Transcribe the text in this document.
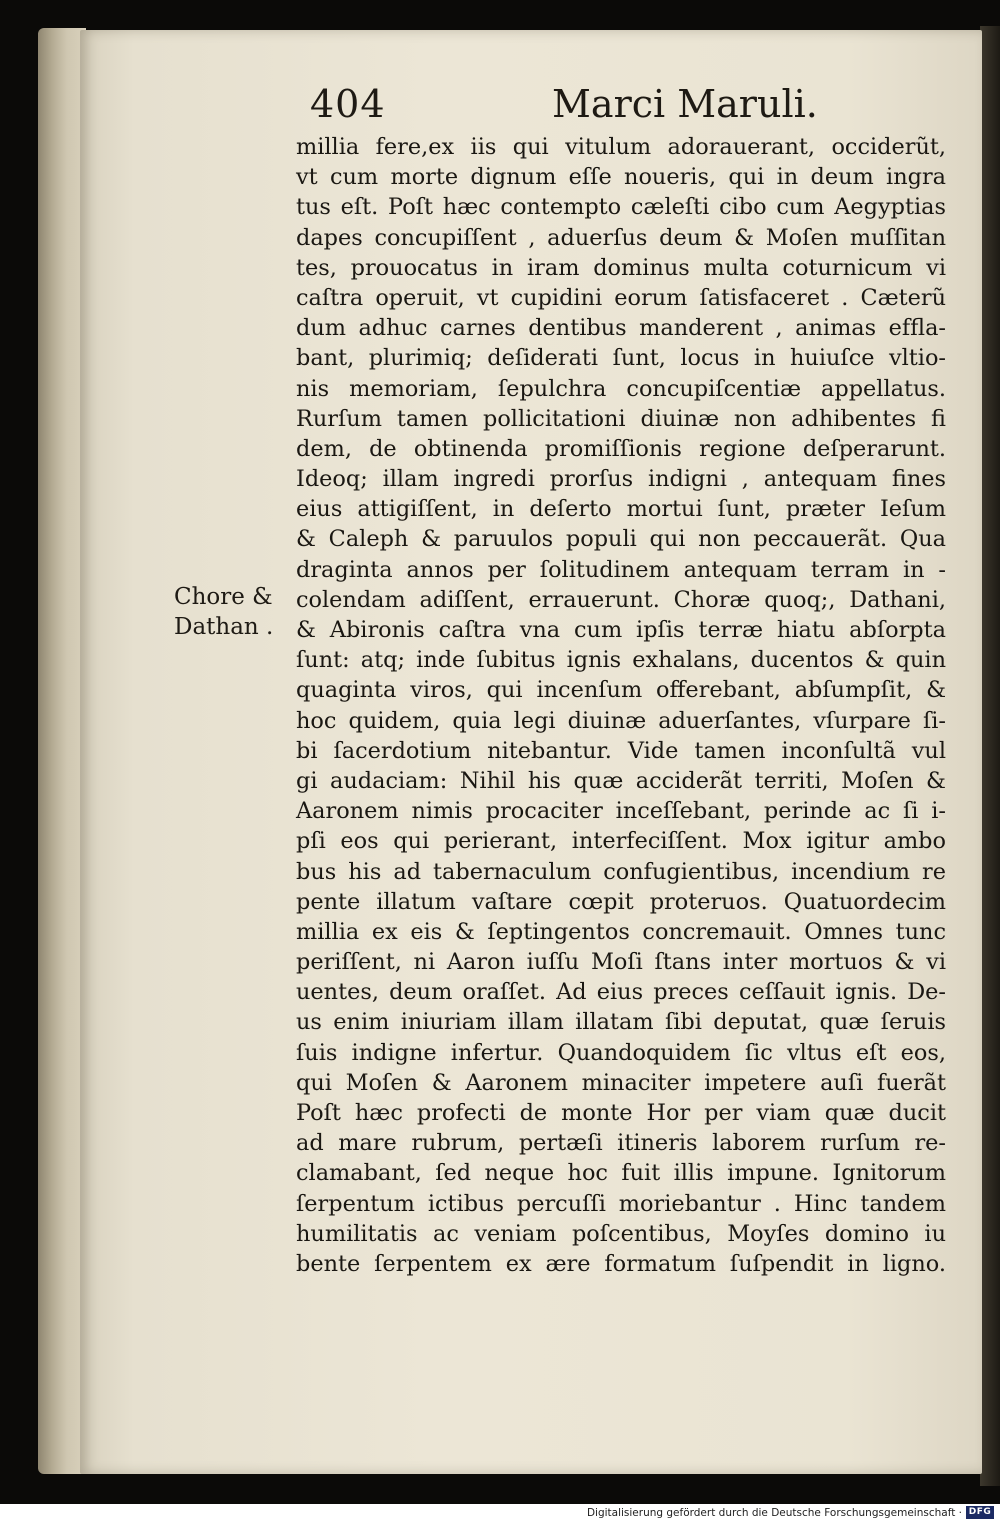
404	Marci Maruli.
Chore &
Dathan .
millia fere,ex iis qui vitulum adorauerant, occiderũt,
vt cum morte dignum eſſe noueris, qui in deum ingra
tus eſt. Poſt hæc contempto cæleſti cibo cum Aegyptias
dapes concupiſſent , aduerſus deum & Moſen muſſitan
tes, prouocatus in iram dominus multa coturnicum vi
caſtra operuit, vt cupidini eorum ſatisfaceret . Cæterũ
dum adhuc carnes dentibus manderent , animas efﬂa-
bant, plurimiq; deſiderati ſunt, locus in huiuſce vltio-
nis memoriam, ſepulchra concupiſcentiæ appellatus.
Rurſum tamen pollicitationi diuinæ non adhibentes fi
dem, de obtinenda promiſſionis regione deſperarunt.
Ideoq; illam ingredi prorſus indigni , antequam fines
eius attigiſſent, in deſerto mortui ſunt, præter Ieſum
& Caleph & paruulos populi qui non peccauerãt. Qua
draginta annos per ſolitudinem antequam terram in -
colendam adiſſent, errauerunt. Choræ quoq;, Dathani,
& Abironis caſtra vna cum ipſis terræ hiatu abſorpta
ſunt: atq; inde ſubitus ignis exhalans, ducentos & quin
quaginta viros, qui incenſum offerebant, abſumpſit, &
hoc quidem, quia legi diuinæ aduerſantes, vſurpare ſi-
bi ſacerdotium nitebantur. Vide tamen inconſultã vul
gi audaciam: Nihil his quæ acciderãt territi, Moſen &
Aaronem nimis procaciter inceſſebant, perinde ac ſi i-
pſi eos qui perierant, interfeciſſent. Mox igitur ambo
bus his ad tabernaculum confugientibus, incendium re
pente illatum vaſtare cœpit proteruos. Quatuordecim
millia ex eis & ſeptingentos concremauit. Omnes tunc
periſſent, ni Aaron iuſſu Moſi ſtans inter mortuos & vi
uentes, deum oraſſet. Ad eius preces ceſſauit ignis. De-
us enim iniuriam illam illatam ſibi deputat, quæ ſeruis
ſuis indigne infertur. Quandoquidem ſic vltus eſt eos,
qui Moſen & Aaronem minaciter impetere auſi fuerãt
Poſt hæc profecti de monte Hor per viam quæ ducit
ad mare rubrum, pertæſi itineris laborem rurſum re-
clamabant, ſed neque hoc fuit illis impune. Ignitorum
ſerpentum ictibus percuſſi moriebantur . Hinc tandem
humilitatis ac veniam poſcentibus, Moyſes domino iu
bente ſerpentem ex ære formatum ſuſpendit in ligno.
Digitalisierung gefördert durch die Deutsche Forschungsgemeinschaft · DFG
